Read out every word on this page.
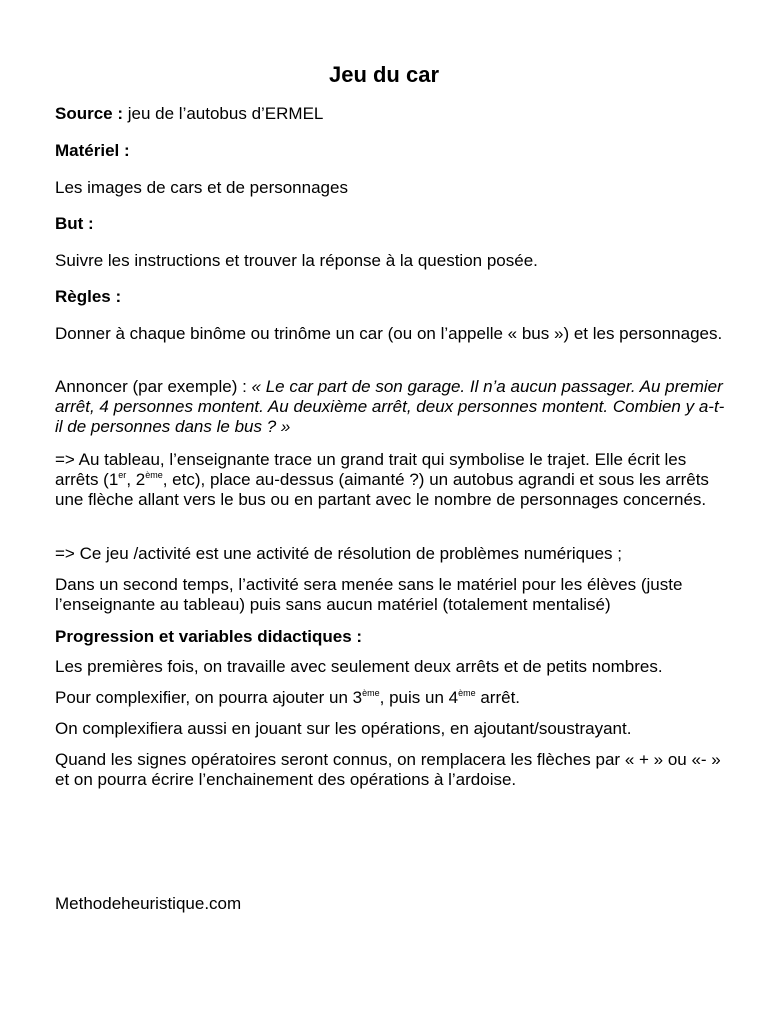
Jeu du car

Source : jeu de l’autobus d’ERMEL

Matériel :

Les images de cars et de personnages

But :

Suivre les instructions et trouver la réponse à la question posée.

Règles :

Donner à chaque binôme ou trinôme un car (ou on l’appelle « bus ») et les personnages.

Annoncer (par exemple) : « Le car part de son garage. Il n’a aucun passager. Au premier arrêt, 4 personnes montent. Au deuxième arrêt, deux personnes montent. Combien y a-t-il de personnes dans le bus ? »

=> Au tableau, l’enseignante trace un grand trait qui symbolise le trajet. Elle écrit les arrêts (1er, 2ème, etc), place au-dessus (aimanté ?) un autobus agrandi et sous les arrêts une flèche allant vers le bus ou en partant avec le nombre de personnages concernés.

=> Ce jeu /activité est une activité de résolution de problèmes numériques ;

Dans un second temps, l’activité sera menée sans le matériel pour les élèves (juste l’enseignante au tableau) puis sans aucun matériel (totalement mentalisé)

Progression et variables didactiques :

Les premières fois, on travaille avec seulement deux arrêts et de petits nombres.

Pour complexifier, on pourra ajouter un 3ème, puis un 4ème arrêt.

On complexifiera aussi en jouant sur les opérations, en ajoutant/soustrayant.

Quand les signes opératoires seront connus, on remplacera les flèches par « + » ou «- » et on pourra écrire l’enchainement des opérations à l’ardoise.

Methodeheuristique.com
